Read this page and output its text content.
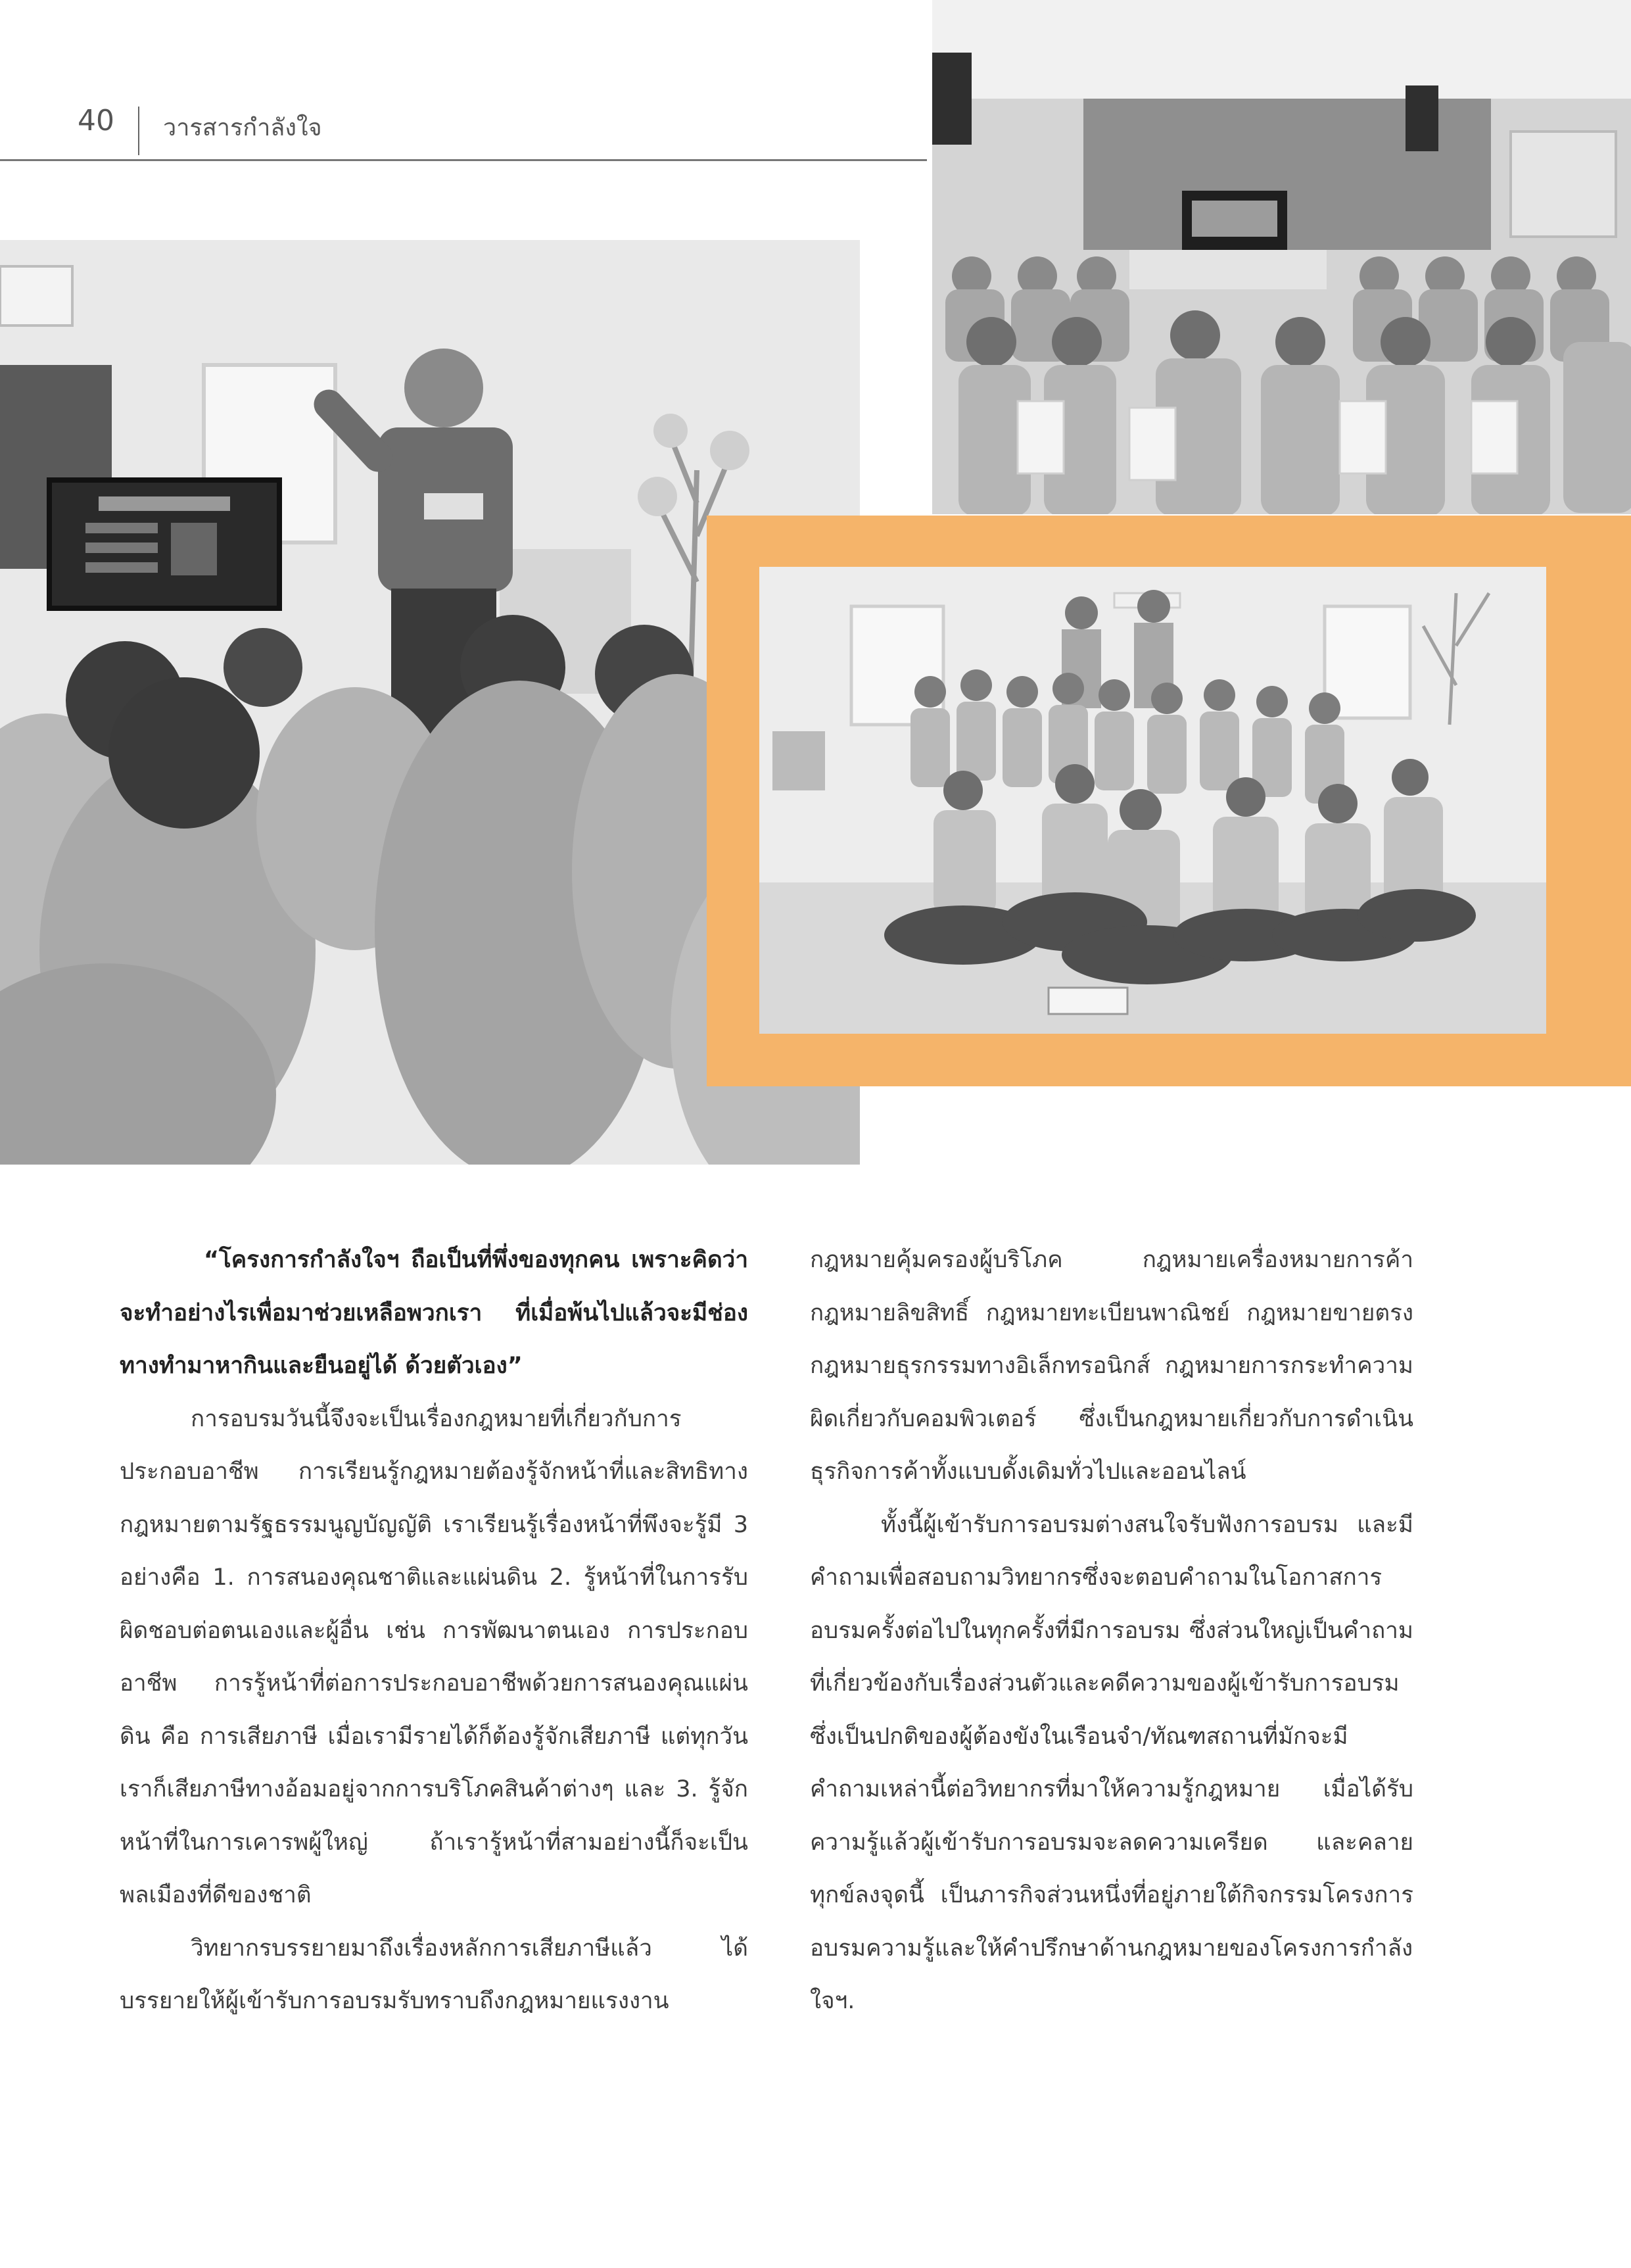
40 วารสารกำลังใจ

“โครงการกำลังใจฯ ถือเป็นที่พึ่งของทุกคน เพราะคิดว่าจะทำอย่างไรเพื่อมาช่วยเหลือพวกเรา ที่เมื่อพ้นไปแล้วจะมีช่องทางทำมาหากินและยืนอยู่ได้ ด้วยตัวเอง”

การอบรมวันนี้จึงจะเป็นเรื่องกฎหมายที่เกี่ยวกับการประกอบอาชีพ การเรียนรู้กฎหมายต้องรู้จักหน้าที่และสิทธิทางกฎหมายตามรัฐธรรมนูญบัญญัติ เราเรียนรู้เรื่องหน้าที่พึงจะรู้มี 3 อย่างคือ 1. การสนองคุณชาติและแผ่นดิน 2. รู้หน้าที่ในการรับผิดชอบต่อตนเองและผู้อื่น เช่น การพัฒนาตนเอง การประกอบอาชีพ การรู้หน้าที่ต่อการประกอบอาชีพด้วยการสนองคุณแผ่นดิน คือ การเสียภาษี เมื่อเรามีรายได้ก็ต้องรู้จักเสียภาษี แต่ทุกวันเราก็เสียภาษีทางอ้อมอยู่จากการบริโภคสินค้าต่างๆ และ 3. รู้จักหน้าที่ในการเคารพผู้ใหญ่ ถ้าเรารู้หน้าที่สามอย่างนี้ก็จะเป็นพลเมืองที่ดีของชาติ

วิทยากรบรรยายมาถึงเรื่องหลักการเสียภาษีแล้ว ได้บรรยายให้ผู้เข้ารับการอบรมรับทราบถึงกฎหมายแรงงาน

กฎหมายคุ้มครองผู้บริโภค กฎหมายเครื่องหมายการค้า กฎหมายลิขสิทธิ์ กฎหมายทะเบียนพาณิชย์ กฎหมายขายตรง กฎหมายธุรกรรมทางอิเล็กทรอนิกส์ กฎหมายการกระทำความผิดเกี่ยวกับคอมพิวเตอร์ ซึ่งเป็นกฎหมายเกี่ยวกับการดำเนินธุรกิจการค้าทั้งแบบดั้งเดิมทั่วไปและออนไลน์

ทั้งนี้ผู้เข้ารับการอบรมต่างสนใจรับฟังการอบรม และมีคำถามเพื่อสอบถามวิทยากรซึ่งจะตอบคำถามในโอกาสการอบรมครั้งต่อไปในทุกครั้งที่มีการอบรม ซึ่งส่วนใหญ่เป็นคำถามที่เกี่ยวข้องกับเรื่องส่วนตัวและคดีความของผู้เข้ารับการอบรมซึ่งเป็นปกติของผู้ต้องขังในเรือนจำ/ทัณฑสถานที่มักจะมีคำถามเหล่านี้ต่อวิทยากรที่มาให้ความรู้กฎหมาย เมื่อได้รับความรู้แล้วผู้เข้ารับการอบรมจะลดความเครียด และคลายทุกข์ลงจุดนี้ เป็นภารกิจส่วนหนึ่งที่อยู่ภายใต้กิจกรรมโครงการอบรมความรู้และให้คำปรึกษาด้านกฎหมายของโครงการกำลังใจฯ.
